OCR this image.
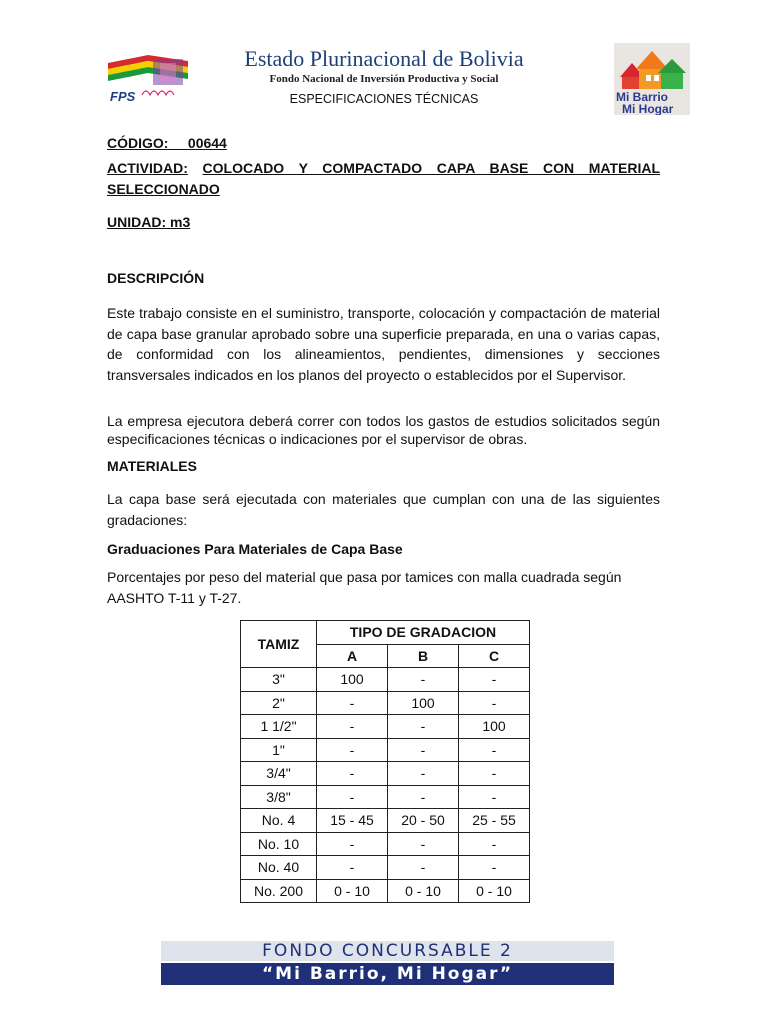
FPS	Mi Barrio
Mi Hogar
Estado Plurinacional de Bolivia
Fondo Nacional de Inversión Productiva y Social
ESPECIFICACIONES TÉCNICAS
CÓDIGO: 00644
ACTIVIDAD: COLOCADO Y COMPACTADO CAPA BASE CON MATERIAL SELECCIONADO
UNIDAD: m3
DESCRIPCIÓN
Este trabajo consiste en el suministro, transporte, colocación y compactación de material de capa base granular aprobado sobre una superficie preparada, en una o varias capas, de conformidad con los alineamientos, pendientes, dimensiones y secciones transversales indicados en los planos del proyecto o establecidos por el Supervisor.
La empresa ejecutora deberá correr con todos los gastos de estudios solicitados según especificaciones técnicas o indicaciones por el supervisor de obras.
MATERIALES
La capa base será ejecutada con materiales que cumplan con una de las siguientes gradaciones:
Graduaciones Para Materiales de Capa Base
Porcentajes por peso del material que pasa por tamices con malla cuadrada según AASHTO T-11 y T-27.
TAMIZ	TIPO DE GRADACION		
	A	B	C
3"	100	-	-
2"	-	100	-
1 1/2"	-	-	100
1"	-	-	-
3/4"	-	-	-
3/8"	-	-	-
No. 4	15 - 45	20 - 50	25 - 55
No. 10	-	-	-
No. 40	-	-	-
No. 200	0 - 10	0 - 10	0 - 10
FONDO CONCURSABLE 2
“Mi Barrio, Mi Hogar”
